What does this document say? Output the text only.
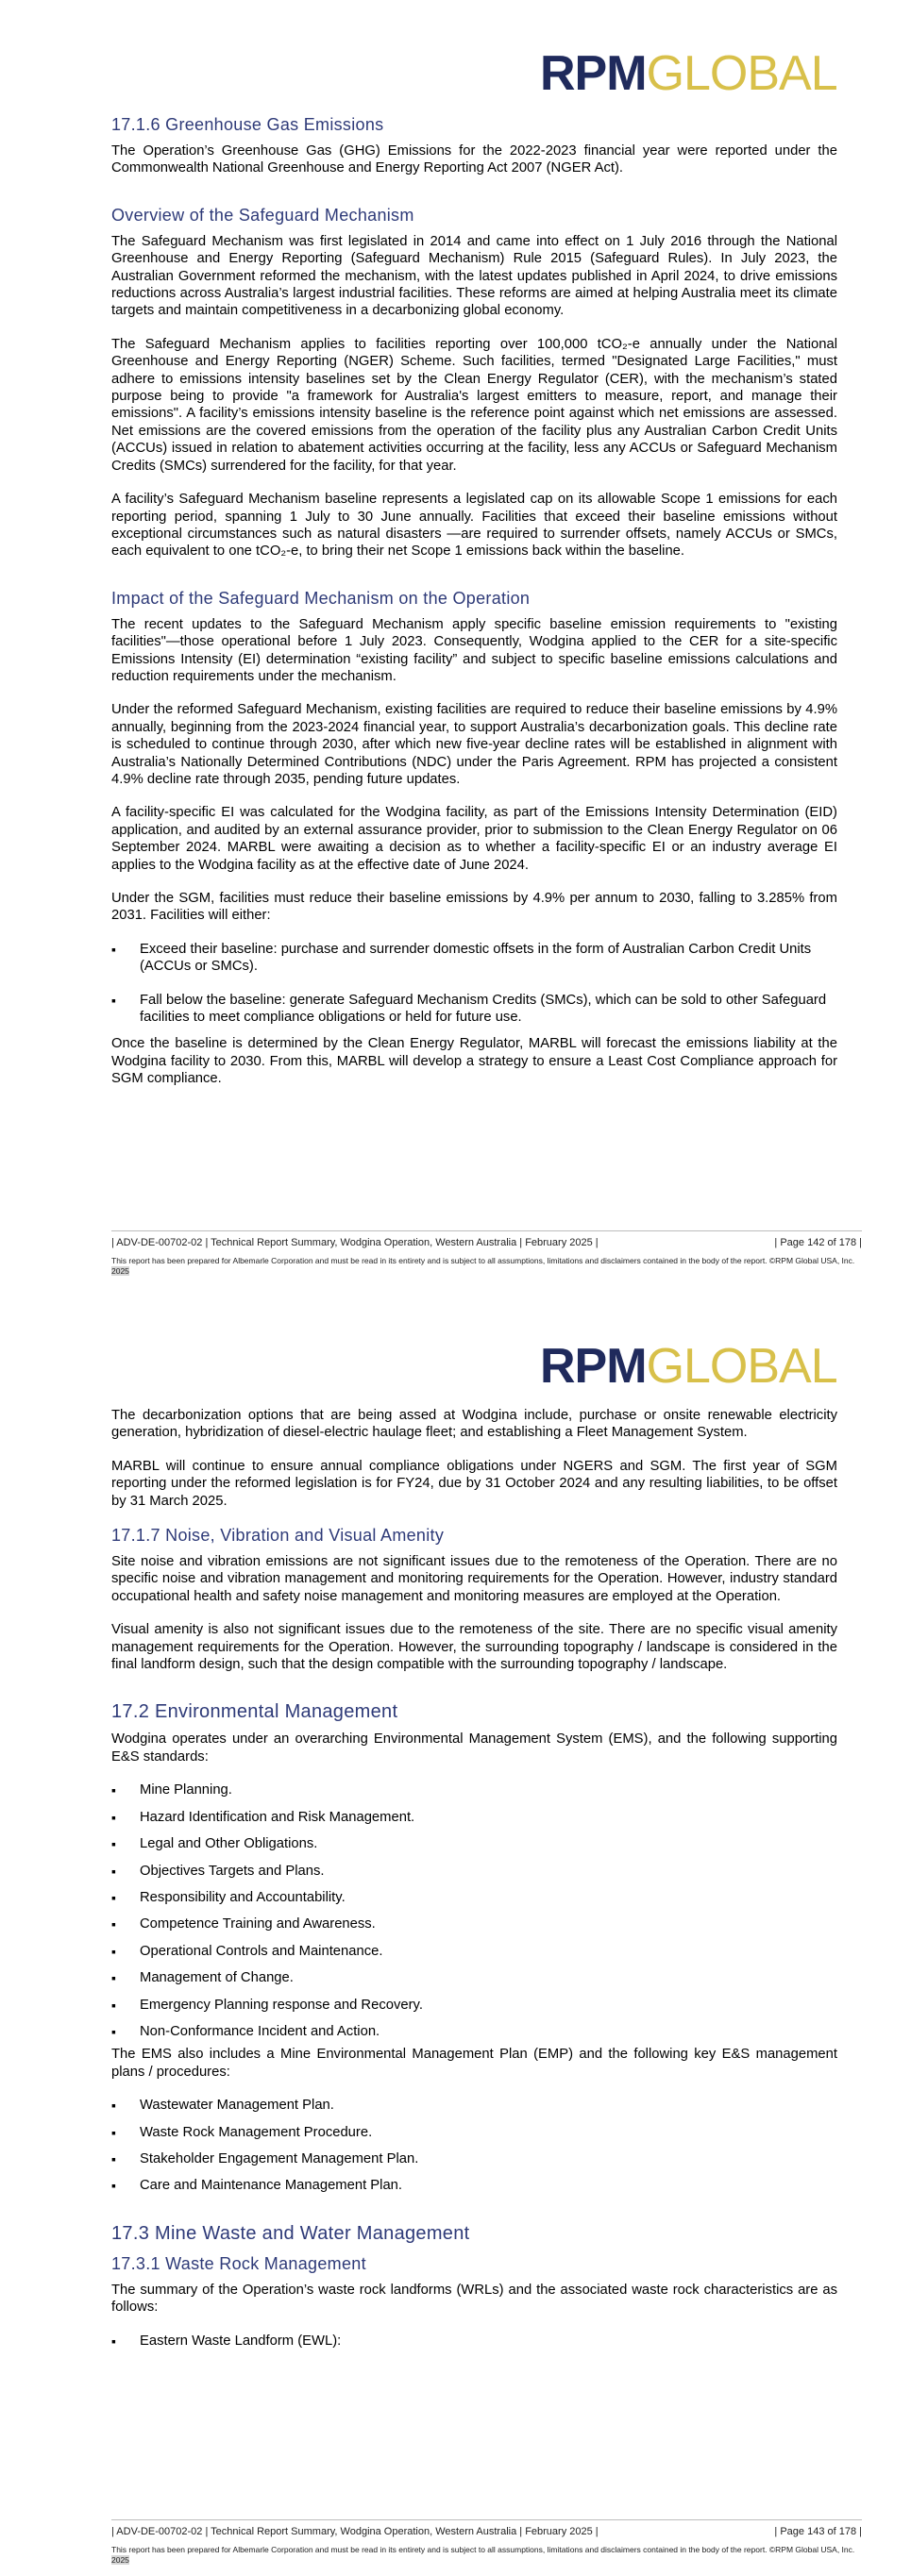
RPMGLOBAL
17.1.6 Greenhouse Gas Emissions

The Operation’s Greenhouse Gas (GHG) Emissions for the 2022-2023 financial year were reported under the Commonwealth National Greenhouse and Energy Reporting Act 2007 (NGER Act).

Overview of the Safeguard Mechanism

The Safeguard Mechanism was first legislated in 2014 and came into effect on 1 July 2016 through the National Greenhouse and Energy Reporting (Safeguard Mechanism) Rule 2015 (Safeguard Rules). In July 2023, the Australian Government reformed the mechanism, with the latest updates published in April 2024, to drive emissions reductions across Australia’s largest industrial facilities. These reforms are aimed at helping Australia meet its climate targets and maintain competitiveness in a decarbonizing global economy.

The Safeguard Mechanism applies to facilities reporting over 100,000 tCO₂-e annually under the National Greenhouse and Energy Reporting (NGER) Scheme. Such facilities, termed "Designated Large Facilities," must adhere to emissions intensity baselines set by the Clean Energy Regulator (CER), with the mechanism’s stated purpose being to provide "a framework for Australia's largest emitters to measure, report, and manage their emissions". A facility’s emissions intensity baseline is the reference point against which net emissions are assessed. Net emissions are the covered emissions from the operation of the facility plus any Australian Carbon Credit Units (ACCUs) issued in relation to abatement activities occurring at the facility, less any ACCUs or Safeguard Mechanism Credits (SMCs) surrendered for the facility, for that year.

A facility’s Safeguard Mechanism baseline represents a legislated cap on its allowable Scope 1 emissions for each reporting period, spanning 1 July to 30 June annually. Facilities that exceed their baseline emissions without exceptional circumstances such as natural disasters —are required to surrender offsets, namely ACCUs or SMCs, each equivalent to one tCO₂-e, to bring their net Scope 1 emissions back within the baseline.

Impact of the Safeguard Mechanism on the Operation

The recent updates to the Safeguard Mechanism apply specific baseline emission requirements to "existing facilities"—those operational before 1 July 2023. Consequently, Wodgina applied to the CER for a site-specific Emissions Intensity (EI) determination “existing facility” and subject to specific baseline emissions calculations and reduction requirements under the mechanism.

Under the reformed Safeguard Mechanism, existing facilities are required to reduce their baseline emissions by 4.9% annually, beginning from the 2023-2024 financial year, to support Australia’s decarbonization goals. This decline rate is scheduled to continue through 2030, after which new five-year decline rates will be established in alignment with Australia’s Nationally Determined Contributions (NDC) under the Paris Agreement. RPM has projected a consistent 4.9% decline rate through 2035, pending future updates.

A facility-specific EI was calculated for the Wodgina facility, as part of the Emissions Intensity Determination (EID) application, and audited by an external assurance provider, prior to submission to the Clean Energy Regulator on 06 September 2024. MARBL were awaiting a decision as to whether a facility-specific EI or an industry average EI applies to the Wodgina facility as at the effective date of June 2024.

Under the SGM, facilities must reduce their baseline emissions by 4.9% per annum to 2030, falling to 3.285% from 2031. Facilities will either:

▪ Exceed their baseline: purchase and surrender domestic offsets in the form of Australian Carbon Credit Units (ACCUs or SMCs).
▪ Fall below the baseline: generate Safeguard Mechanism Credits (SMCs), which can be sold to other Safeguard facilities to meet compliance obligations or held for future use.

Once the baseline is determined by the Clean Energy Regulator, MARBL will forecast the emissions liability at the Wodgina facility to 2030. From this, MARBL will develop a strategy to ensure a Least Cost Compliance approach for SGM compliance.

| ADV-DE-00702-02 | Technical Report Summary, Wodgina Operation, Western Australia | February 2025 |	| Page 142 of 178 |
This report has been prepared for Albemarle Corporation and must be read in its entirety and is subject to all assumptions, limitations and disclaimers contained in the body of the report. ©RPM Global USA, Inc. 2025
RPMGLOBAL

The decarbonization options that are being assed at Wodgina include, purchase or onsite renewable electricity generation, hybridization of diesel-electric haulage fleet; and establishing a Fleet Management System.

MARBL will continue to ensure annual compliance obligations under NGERS and SGM. The first year of SGM reporting under the reformed legislation is for FY24, due by 31 October 2024 and any resulting liabilities, to be offset by 31 March 2025.

17.1.7 Noise, Vibration and Visual Amenity

Site noise and vibration emissions are not significant issues due to the remoteness of the Operation. There are no specific noise and vibration management and monitoring requirements for the Operation. However, industry standard occupational health and safety noise management and monitoring measures are employed at the Operation.

Visual amenity is also not significant issues due to the remoteness of the site. There are no specific visual amenity management requirements for the Operation. However, the surrounding topography / landscape is considered in the final landform design, such that the design compatible with the surrounding topography / landscape.

17.2 Environmental Management

Wodgina operates under an overarching Environmental Management System (EMS), and the following supporting E&S standards:

▪ Mine Planning.
▪ Hazard Identification and Risk Management.
▪ Legal and Other Obligations.
▪ Objectives Targets and Plans.
▪ Responsibility and Accountability.
▪ Competence Training and Awareness.
▪ Operational Controls and Maintenance.
▪ Management of Change.
▪ Emergency Planning response and Recovery.
▪ Non-Conformance Incident and Action.

The EMS also includes a Mine Environmental Management Plan (EMP) and the following key E&S management plans / procedures:

▪ Wastewater Management Plan.
▪ Waste Rock Management Procedure.
▪ Stakeholder Engagement Management Plan.
▪ Care and Maintenance Management Plan.
17.3 Mine Waste and Water Management
17.3.1 Waste Rock Management

The summary of the Operation’s waste rock landforms (WRLs) and the associated waste rock characteristics are as follows:

▪ Eastern Waste Landform (EWL):
| ADV-DE-00702-02 | Technical Report Summary, Wodgina Operation, Western Australia | February 2025 |	| Page 143 of 178 |
This report has been prepared for Albemarle Corporation and must be read in its entirety and is subject to all assumptions, limitations and disclaimers contained in the body of the report. ©RPM Global USA, Inc. 2025
